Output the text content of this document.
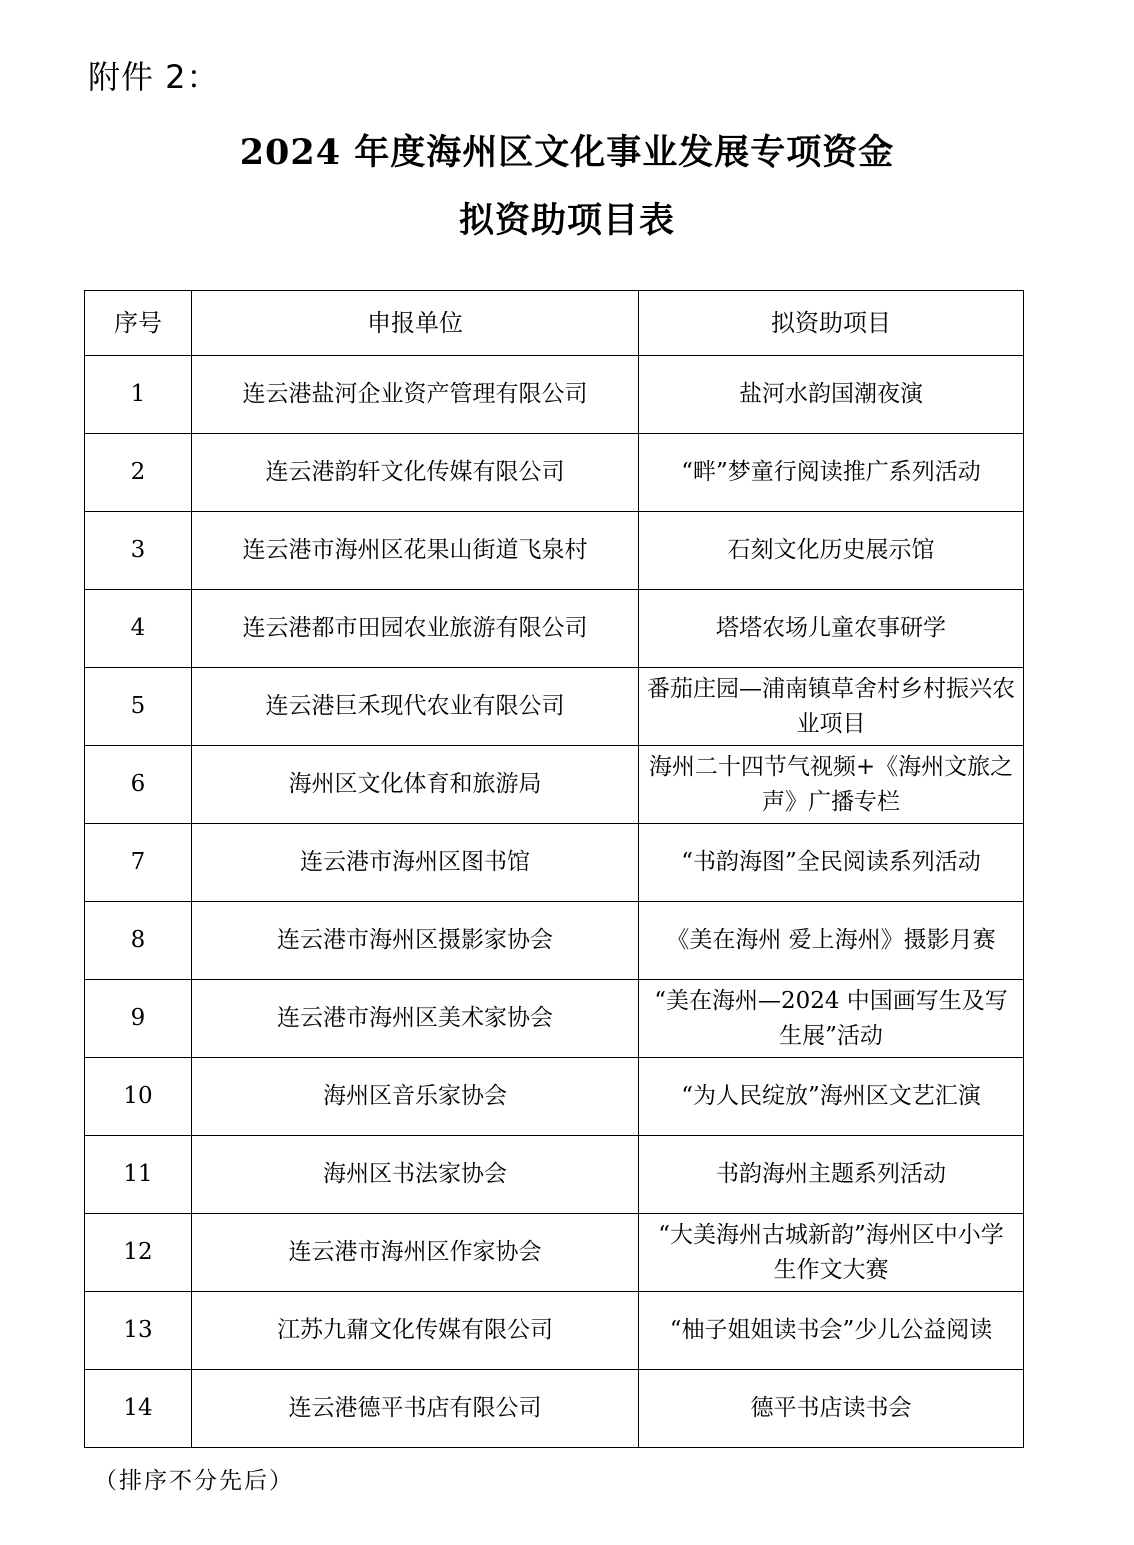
附件 2：
2024 年度海州区文化事业发展专项资金
拟资助项目表
序号	申报单位	拟资助项目
1	连云港盐河企业资产管理有限公司	盐河水韵国潮夜演
2	连云港韵轩文化传媒有限公司	“畔”梦童行阅读推广系列活动
3	连云港市海州区花果山街道飞泉村	石刻文化历史展示馆
4	连云港都市田园农业旅游有限公司	塔塔农场儿童农事研学
5	连云港巨禾现代农业有限公司	番茄庄园—浦南镇草舍村乡村振兴农业项目
6	海州区文化体育和旅游局	海州二十四节气视频+《海州文旅之声》广播专栏
7	连云港市海州区图书馆	“书韵海图”全民阅读系列活动
8	连云港市海州区摄影家协会	《美在海州 爱上海州》摄影月赛
9	连云港市海州区美术家协会	“美在海州—2024 中国画写生及写生展”活动
10	海州区音乐家协会	“为人民绽放”海州区文艺汇演
11	海州区书法家协会	书韵海州主题系列活动
12	连云港市海州区作家协会	“大美海州古城新韵”海州区中小学生作文大赛
13	江苏九鼐文化传媒有限公司	“柚子姐姐读书会”少儿公益阅读
14	连云港德平书店有限公司	德平书店读书会
（排序不分先后）
